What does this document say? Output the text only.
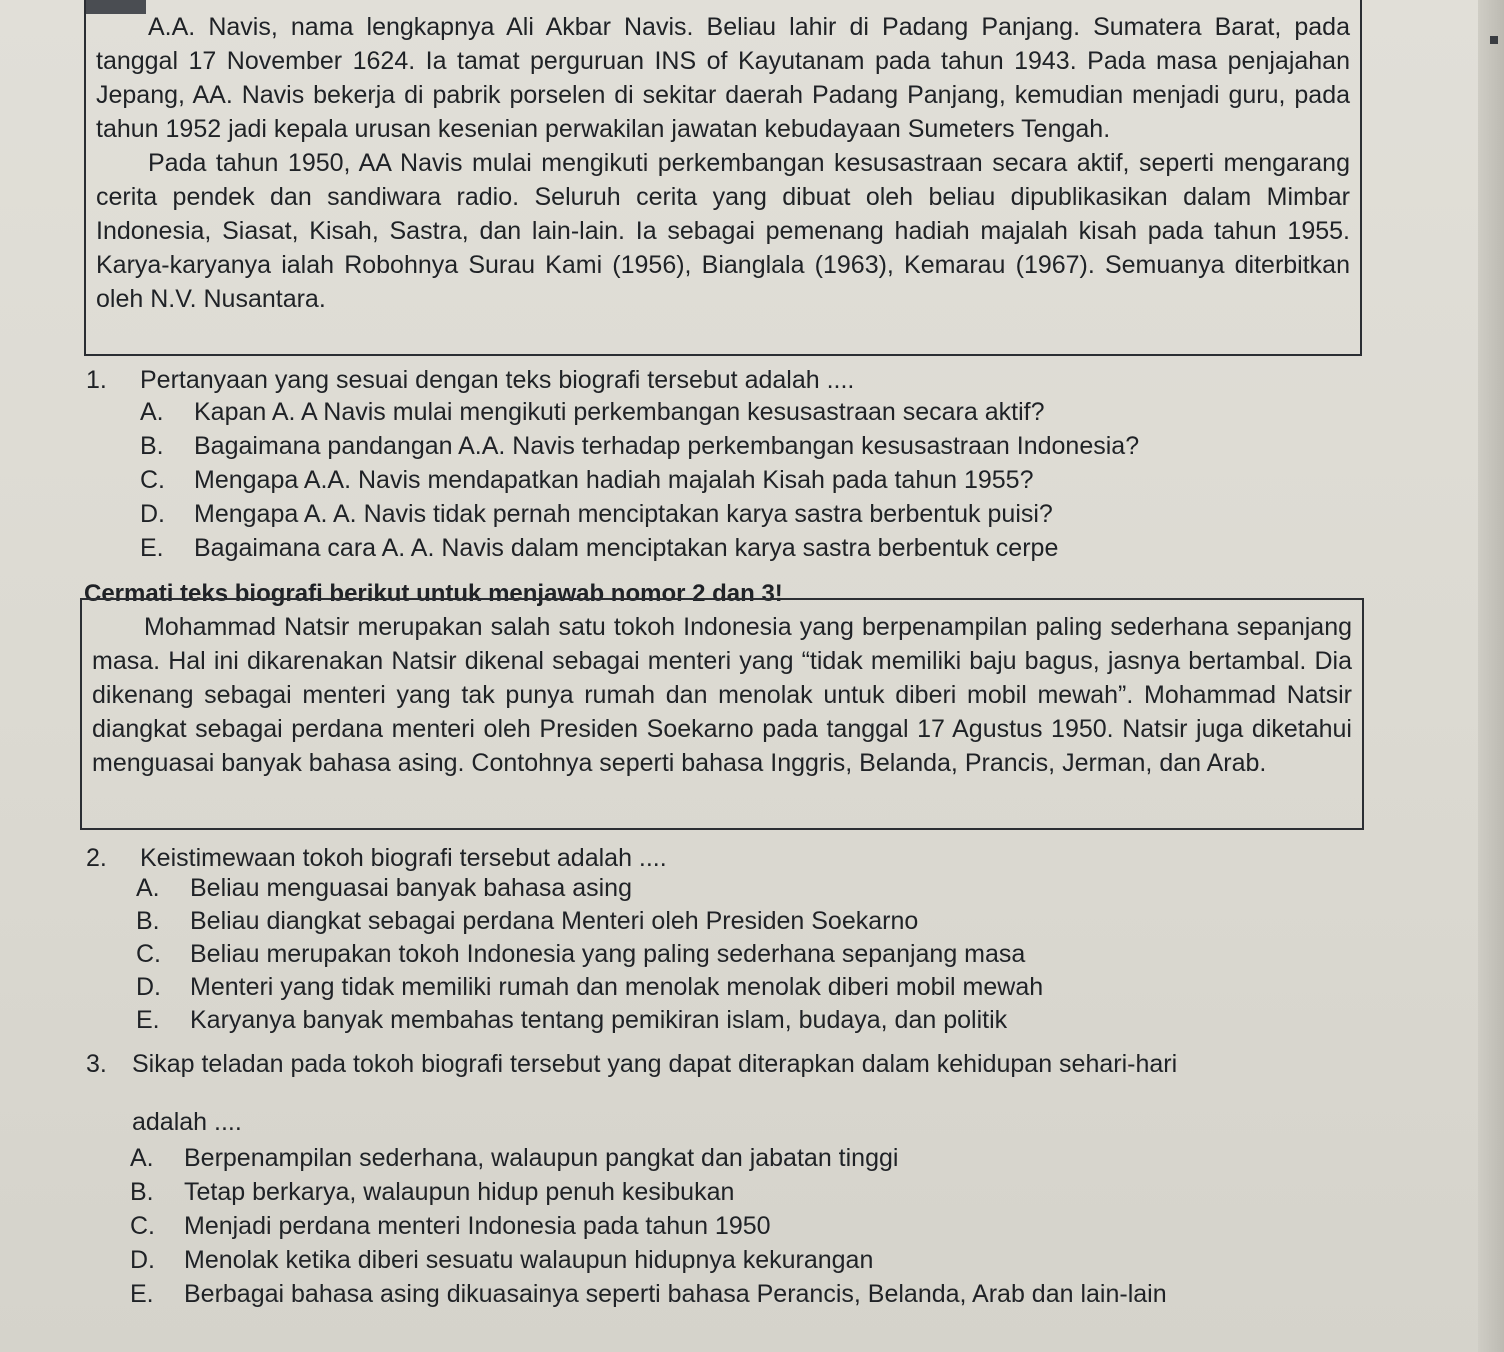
A.A. Navis, nama lengkapnya Ali Akbar Navis. Beliau lahir di Padang Panjang. Sumatera Barat, pada tanggal 17 November 1624. Ia tamat perguruan INS of Kayutanam pada tahun 1943. Pada masa penjajahan Jepang, AA. Navis bekerja di pabrik porselen di sekitar daerah Padang Panjang, kemudian menjadi guru, pada tahun 1952 jadi kepala urusan kesenian perwakilan jawatan kebudayaan Sumeters Tengah.

Pada tahun 1950, AA Navis mulai mengikuti perkembangan kesusastraan secara aktif, seperti mengarang cerita pendek dan sandiwara radio. Seluruh cerita yang dibuat oleh beliau dipublikasikan dalam Mimbar Indonesia, Siasat, Kisah, Sastra, dan lain-lain. Ia sebagai pemenang hadiah majalah kisah pada tahun 1955. Karya-karyanya ialah Robohnya Surau Kami (1956), Bianglala (1963), Kemarau (1967). Semuanya diterbitkan oleh N.V. Nusantara.

1. Pertanyaan yang sesuai dengan teks biografi tersebut adalah ....
A. Kapan A. A Navis mulai mengikuti perkembangan kesusastraan secara aktif?
B. Bagaimana pandangan A.A. Navis terhadap perkembangan kesusastraan Indonesia?
C. Mengapa A.A. Navis mendapatkan hadiah majalah Kisah pada tahun 1955?
D. Mengapa A. A. Navis tidak pernah menciptakan karya sastra berbentuk puisi?
E. Bagaimana cara A. A. Navis dalam menciptakan karya sastra berbentuk cerpe
Cermati teks biografi berikut untuk menjawab nomor 2 dan 3!

Mohammad Natsir merupakan salah satu tokoh Indonesia yang berpenampilan paling sederhana sepanjang masa. Hal ini dikarenakan Natsir dikenal sebagai menteri yang “tidak memiliki baju bagus, jasnya bertambal. Dia dikenang sebagai menteri yang tak punya rumah dan menolak untuk diberi mobil mewah”. Mohammad Natsir diangkat sebagai perdana menteri oleh Presiden Soekarno pada tanggal 17 Agustus 1950. Natsir juga diketahui menguasai banyak bahasa asing. Contohnya seperti bahasa Inggris, Belanda, Prancis, Jerman, dan Arab.

2. Keistimewaan tokoh biografi tersebut adalah ....
A. Beliau menguasai banyak bahasa asing
B. Beliau diangkat sebagai perdana Menteri oleh Presiden Soekarno
C. Beliau merupakan tokoh Indonesia yang paling sederhana sepanjang masa
D. Menteri yang tidak memiliki rumah dan menolak menolak diberi mobil mewah
E. Karyanya banyak membahas tentang pemikiran islam, budaya, dan politik
3. Sikap teladan pada tokoh biografi tersebut yang dapat diterapkan dalam kehidupan sehari-hari
adalah ....
A. Berpenampilan sederhana, walaupun pangkat dan jabatan tinggi
B. Tetap berkarya, walaupun hidup penuh kesibukan
C. Menjadi perdana menteri Indonesia pada tahun 1950
D. Menolak ketika diberi sesuatu walaupun hidupnya kekurangan
E. Berbagai bahasa asing dikuasainya seperti bahasa Perancis, Belanda, Arab dan lain-lain
